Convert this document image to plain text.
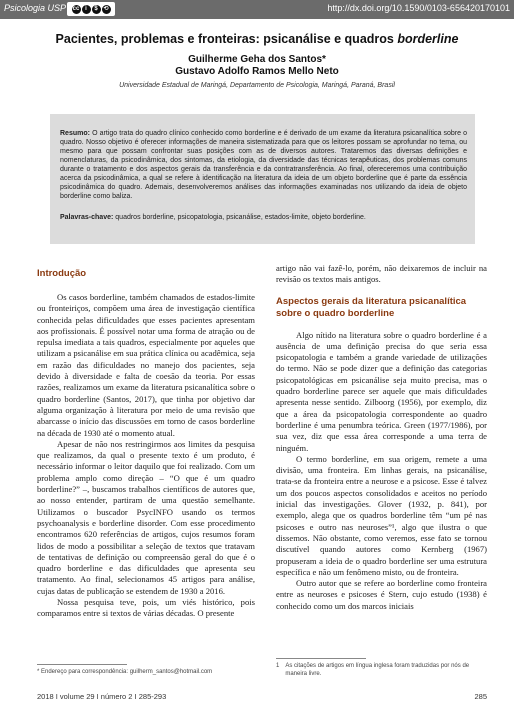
Psicologia USP cc i	$ ⟲	http://dx.doi.org/10.1590/0103-656420170101
Pacientes, problemas e fronteiras: psicanálise e quadros borderline
Guilherme Geha dos Santos*
Gustavo Adolfo Ramos Mello Neto
Universidade Estadual de Maringá, Departamento de Psicologia, Maringá, Paraná, Brasil
Resumo: O artigo trata do quadro clínico conhecido como borderline e é derivado de um exame da literatura psicanalítica sobre o quadro. Nosso objetivo é oferecer informações de maneira sistematizada para que os leitores possam se aprofundar no tema, ou mesmo para que possam confrontar suas posições com as de diversos autores. Trataremos das diversas definições e nomenclaturas, da psicodinâmica, dos sintomas, da etiologia, da diversidade das técnicas terapêuticas, dos problemas comuns durante o tratamento e dos aspectos gerais da transferência e da contratransferência. Ao final, ofereceremos uma contribuição acerca da psicodinâmica, a qual se refere à identificação na literatura da ideia de um objeto borderline que é parte da essência psicodinâmica do quadro. Ademais, desenvolveremos análises das informações examinadas nos utilizando da ideia de objeto borderline como baliza.
Palavras-chave: quadros borderline, psicopatologia, psicanálise, estados-limite, objeto borderline.
Introdução

Os casos borderline, também chamados de estados-limite ou fronteiriços, compõem uma área de investigação científica conhecida pelas dificuldades que esses pacientes apresentam aos profissionais. É possível notar uma forma de atração ou de repulsa imediata a tais quadros, especialmente por aqueles que utilizam a psicanálise em sua prática clínica ou acadêmica, seja em razão das dificuldades no manejo dos pacientes, seja devido à diversidade e falta de coesão da teoria. Por essas razões, realizamos um exame da literatura psicanalítica sobre o quadro borderline (Santos, 2017), que tinha por objetivo dar alguma organização à literatura por meio de uma revisão que abarcasse o início das discussões em torno de casos borderline na década de 1930 até o momento atual.

Apesar de não nos restringirmos aos limites da pesquisa que realizamos, da qual o presente texto é um produto, é necessário informar o leitor daquilo que foi realizado. Com um problema amplo como direção – “O que é um quadro borderline?” –, buscamos trabalhos científicos de autores que, ao nosso entender, partiram de uma questão semelhante. Utilizamos o buscador PsycINFO usando os termos psychoanalysis e borderline disorder. Com esse procedimento encontramos 620 referências de artigos, cujos resumos foram lidos de modo a possibilitar a seleção de textos que tratavam de tentativas de definição ou compreensão geral do que é o quadro borderline e das dificuldades que apresenta seu tratamento. Ao final, selecionamos 45 artigos para análise, cujas datas de publicação se estendem de 1930 a 2016.

Nossa pesquisa teve, pois, um viés histórico, pois comparamos entre si textos de várias décadas. O presente

artigo não vai fazê-lo, porém, não deixaremos de incluir na revisão os textos mais antigos.

Aspectos gerais da literatura psicanalítica sobre o quadro borderline

Algo nítido na literatura sobre o quadro borderline é a ausência de uma definição precisa do que seria essa psicopatologia e também a grande variedade de utilizações do termo. Não se pode dizer que a definição das categorias psicopatológicas em psicanálise seja muito precisa, mas o quadro borderline parece ser aquele que mais dificuldades apresenta nesse sentido. Zilboorg (1956), por exemplo, diz que a área da psicopatologia correspondente ao quadro borderline é uma penumbra teórica. Green (1977/1986), por sua vez, diz que essa área corresponde a uma terra de ninguém.

O termo borderline, em sua origem, remete a uma divisão, uma fronteira. Em linhas gerais, na psicanálise, trata-se da fronteira entre a neurose e a psicose. Esse é talvez um dos poucos aspectos consolidados e aceitos no período inicial das investigações. Glover (1932, p. 841), por exemplo, alega que os quadros borderline têm “um pé nas psicoses e outro nas neuroses”¹, algo que ilustra o que dissemos. Não obstante, como veremos, esse fato se tornou discutível quando autores como Kernberg (1967) propuseram a ideia de o quadro borderline ser uma estrutura específica e não um fenômeno misto, ou de fronteira.

Outro autor que se refere ao borderline como fronteira entre as neuroses e psicoses é Stern, cujo estudo (1938) é conhecido como um dos marcos iniciais

* Endereço para correspondência: guilherm_santos@hotmail.com
1 As citações de artigos em língua inglesa foram traduzidas por nós de maneira livre.
2018 I volume 29 I número 2 I 285-293	285
